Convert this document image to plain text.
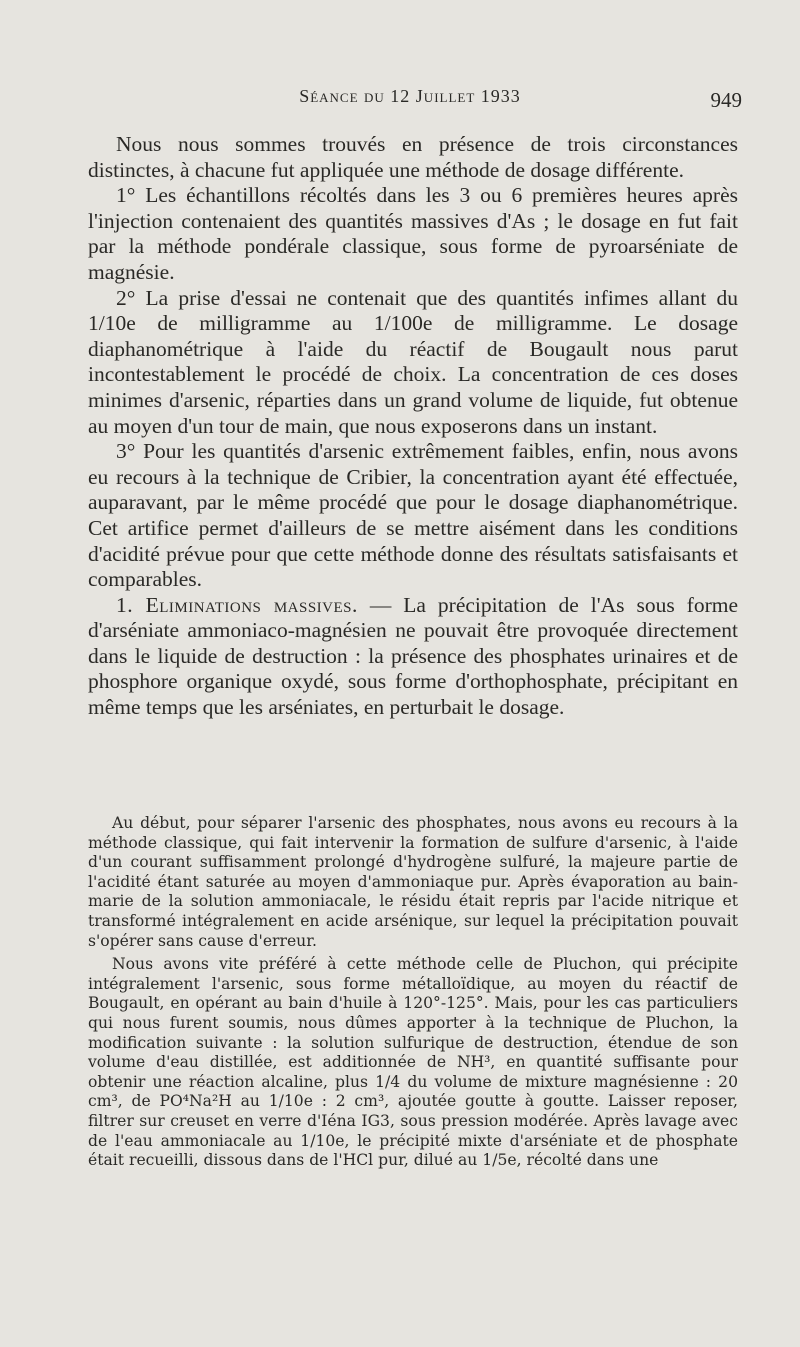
Séance du 12 Juillet 1933	949

Nous nous sommes trouvés en présence de trois circonstances distinctes, à chacune fut appliquée une méthode de dosage différente.

1° Les échantillons récoltés dans les 3 ou 6 premières heures après l'injection contenaient des quantités massives d'As ; le dosage en fut fait par la méthode pondérale classique, sous forme de pyroarséniate de magnésie.

2° La prise d'essai ne contenait que des quantités infimes allant du 1/10e de milligramme au 1/100e de milligramme. Le dosage diaphanométrique à l'aide du réactif de Bougault nous parut incontestablement le procédé de choix. La concentration de ces doses minimes d'arsenic, réparties dans un grand volume de liquide, fut obtenue au moyen d'un tour de main, que nous exposerons dans un instant.

3° Pour les quantités d'arsenic extrêmement faibles, enfin, nous avons eu recours à la technique de Cribier, la concentration ayant été effectuée, auparavant, par le même procédé que pour le dosage diaphanométrique. Cet artifice permet d'ailleurs de se mettre aisément dans les conditions d'acidité prévue pour que cette méthode donne des résultats satisfaisants et comparables.

1. Eliminations massives. — La précipitation de l'As sous forme d'arséniate ammoniaco-magnésien ne pouvait être provoquée directement dans le liquide de destruction : la présence des phosphates urinaires et de phosphore organique oxydé, sous forme d'orthophosphate, précipitant en même temps que les arséniates, en perturbait le dosage.

Au début, pour séparer l'arsenic des phosphates, nous avons eu recours à la méthode classique, qui fait intervenir la formation de sulfure d'arsenic, à l'aide d'un courant suffisamment prolongé d'hydrogène sulfuré, la majeure partie de l'acidité étant saturée au moyen d'ammoniaque pur. Après évaporation au bain-marie de la solution ammoniacale, le résidu était repris par l'acide nitrique et transformé intégralement en acide arsénique, sur lequel la précipitation pouvait s'opérer sans cause d'erreur.

Nous avons vite préféré à cette méthode celle de Pluchon, qui précipite intégralement l'arsenic, sous forme métalloïdique, au moyen du réactif de Bougault, en opérant au bain d'huile à 120°-125°. Mais, pour les cas particuliers qui nous furent soumis, nous dûmes apporter à la technique de Pluchon, la modification suivante : la solution sulfurique de destruction, étendue de son volume d'eau distillée, est additionnée de NH³, en quantité suffisante pour obtenir une réaction alcaline, plus 1/4 du volume de mixture magnésienne : 20 cm³, de PO⁴Na²H au 1/10e : 2 cm³, ajoutée goutte à goutte. Laisser reposer, filtrer sur creuset en verre d'Iéna IG3, sous pression modérée. Après lavage avec de l'eau ammoniacale au 1/10e, le précipité mixte d'arséniate et de phosphate était recueilli, dissous dans de l'HCl pur, dilué au 1/5e, récolté dans une
